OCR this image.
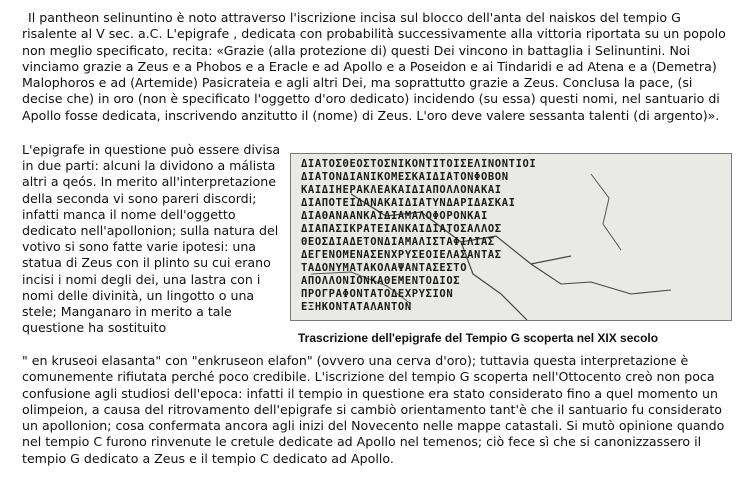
Il pantheon selinuntino è noto attraverso l'iscrizione incisa sul blocco dell'anta del naiskos del tempio G risalente al V sec. a.C. L'epigrafe , dedicata con probabilità successivamente alla vittoria riportata su un popolo non meglio specificato, recita: «Grazie (alla protezione di) questi Dei vincono in battaglia i Selinuntini. Noi vinciamo grazie a Zeus e a Phobos e a Eracle e ad Apollo e a Poseidon e ai Tindaridi e ad Atena e a (Demetra) Malophoros e ad (Artemide) Pasicrateia e agli altri Dei, ma soprattutto grazie a Zeus. Conclusa la pace, (si decise che) in oro (non è specificato l'oggetto d'oro dedicato) incidendo (su essa) questi nomi, nel santuario di Apollo fosse dedicata, inscrivendo anzitutto il (nome) di Zeus. L'oro deve valere sessanta talenti (di argento)».

L'epigrafe in questione può essere divisa in due parti: alcuni la dividono a málista altri a qeós. In merito all'interpretazione della seconda vi sono pareri discordi; infatti manca il nome dell'oggetto dedicato nell'apollonion; sulla natura del votivo si sono fatte varie ipotesi: una statua di Zeus con il plinto su cui erano incisi i nomi degli dei, una lastra con i nomi delle divinità, un lingotto o una stele; Manganaro in merito a tale questione ha sostituito

ΔΙΑΤΟΣΘΕΟΣΤΟΣΝΙΚΟΝΤΙΤΟΙΣΕΛΙΝΟΝΤΙΟΙ
ΔΙΑΤΟΝΔΙΑΝΙΚΟΜΕΣΚΑΙΔΙΑΤΟΝΦΟΒΟΝ
ΚΑΙΔΙΗΕΡΑΚΛΕΑΚΑΙΔΙΑΠΟΛΛΟΝΑΚΑΙ
ΔΙΑΠΟΤΕΙΔΑΝΑΚΑΙΔΙΑΤΥΝΔΑΡΙΔΑΣΚΑΙ
ΔΙΑΘΑΝΑΑΝΚΑΙΔΙΑΜΑΛΟΦΟΡΟΝΚΑΙ
ΔΙΑΠΑΣΙΚΡΑΤΕΙΑΝΚΑΙΔΙΑΤΟΣΑΛΛΟΣ
ΘΕΟΣΔΙΑΔΕΤΟΝΔΙΑΜΑΛΙΣΤΑΦΙΛΙΑΣ
ΔΕΓΕΝΟΜΕΝΑΣΕΝΧΡΥΣΕΟΙΕΛΑΣΑΝΤΑΣ
ΤΑΔΟΝΥΜΑΤΑΚΟΛΑΨΑΝΤΑΣΕΣΤΟ
ΑΠΟΛΛΟΝΙΟΝΚΑΘΕΜΕΝΤΟΔΙΟΣ
ΠΡΟΓΡΑΦΟΝΤΑΤΟΔΕΧΡΥΣΙΟΝ
ΕΞΗΚΟΝΤΑΤΑΛΑΝΤΟΝ
Trascrizione dell'epigrafe del Tempio G scoperta nel XIX secolo

" en kruseoi elasanta" con "enkruseon elafon" (ovvero una cerva d'oro); tuttavia questa interpretazione è comunemente rifiutata perché poco credibile. L'iscrizione del tempio G scoperta nell'Ottocento creò non poca confusione agli studiosi dell'epoca: infatti il tempio in questione era stato considerato fino a quel momento un olimpeion, a causa del ritrovamento dell'epigrafe si cambiò orientamento tant'è che il santuario fu considerato un apollonion; cosa confermata ancora agli inizi del Novecento nelle mappe catastali. Si mutò opinione quando nel tempio C furono rinvenute le cretule dedicate ad Apollo nel temenos; ciò fece sì che si canonizzassero il tempio G dedicato a Zeus e il tempio C dedicato ad Apollo.
